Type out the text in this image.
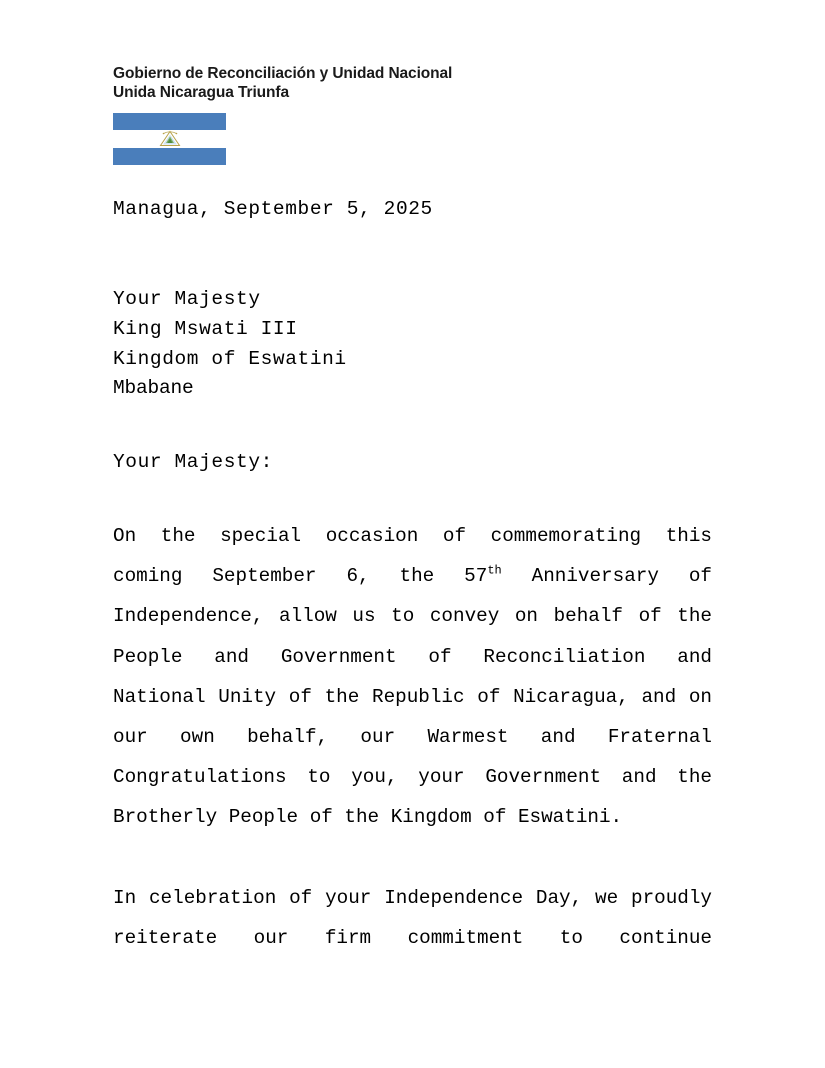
Gobierno de Reconciliación y Unidad Nacional
Unida Nicaragua Triunfa
Managua, September 5, 2025
Your Majesty
King Mswati III
Kingdom of Eswatini
Mbabane
Your Majesty:

On the special occasion of commemorating this coming September 6, the 57th Anniversary of Independence, allow us to convey on behalf of the People and Government of Reconciliation and National Unity of the Republic of Nicaragua, and on our own behalf, our Warmest and Fraternal Congratulations to you, your Government and the Brotherly People of the Kingdom of Eswatini.

In celebration of your Independence Day, we proudly reiterate our firm commitment to continue
